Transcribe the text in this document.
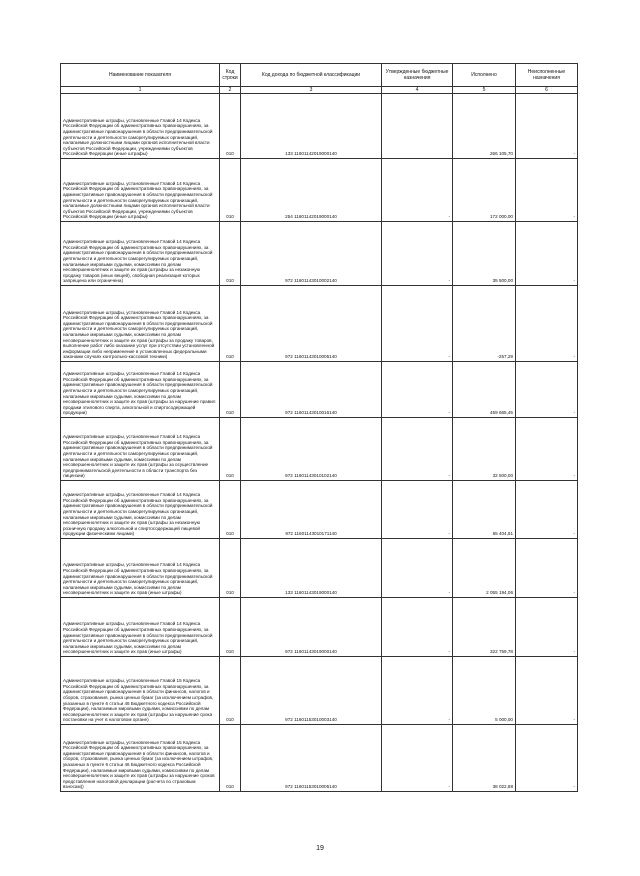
Наименование показателя	Код строки	Код дохода по бюджетной классификации	Утвержденные бюджетные назначения	Исполнено	Неисполненные назначения
1	2	3	4	5	6
Административные штрафы, установленные Главой 14 Кодекса Российской Федерации об административных правонарушениях, за административные правонарушения в области предпринимательской деятельности и деятельности саморегулируемых организаций, налагаемые должностными лицами органов исполнительной власти субъектов Российской Федерации, учреждениями субъектов Российской Федерации (иные штрафы)	010	133 11601142019000140		266 105,70	-
Административные штрафы, установленные Главой 14 Кодекса Российской Федерации об административных правонарушениях, за административные правонарушения в области предпринимательской деятельности и деятельности саморегулируемых организаций, налагаемые должностными лицами органов исполнительной власти субъектов Российской Федерации, учреждениями субъектов Российской Федерации (иные штрафы)	010	254 11601142019000140	-	172 000,00	-
Административные штрафы, установленные Главой 14 Кодекса Российской Федерации об административных правонарушениях, за административные правонарушения в области предпринимательской деятельности и деятельности саморегулируемых организаций, налагаемые мировыми судьями, комиссиями по делам несовершеннолетних и защите их прав (штрафы за незаконную продажу товаров (иных вещей), свободная реализация которых запрещена или ограничена)	010	972 11601143010002140	-	35 500,00	-
Административные штрафы, установленные Главой 14 Кодекса Российской Федерации об административных правонарушениях, за административные правонарушения в области предпринимательской деятельности и деятельности саморегулируемых организаций, налагаемые мировыми судьями, комиссиями по делам несовершеннолетних и защите их прав (штрафы за продажу товаров, выполнение работ либо оказание услуг при отсутствии установленной информации либо неприменение в установленных федеральными законами случаях контрольно-кассовой техники)	010	972 11601143010005140	-	-257,29	-
Административные штрафы, установленные Главой 14 Кодекса Российской Федерации об административных правонарушениях, за административные правонарушения в области предпринимательской деятельности и деятельности саморегулируемых организаций, налагаемые мировыми судьями, комиссиями по делам несовершеннолетних и защите их прав (штрафы за нарушение правил продажи этилового спирта, алкогольной и спиртосодержащей продукции)	010	972 11601143010016140	-	459 665,45	-
Административные штрафы, установленные Главой 14 Кодекса Российской Федерации об административных правонарушениях, за административные правонарушения в области предпринимательской деятельности и деятельности саморегулируемых организаций, налагаемые мировыми судьями, комиссиями по делам несовершеннолетних и защите их прав (штрафы за осуществление предпринимательской деятельности в области транспорта без лицензии)	010	972 11601143010102140	-	32 500,00	-
Административные штрафы, установленные Главой 14 Кодекса Российской Федерации об административных правонарушениях, за административные правонарушения в области предпринимательской деятельности и деятельности саморегулируемых организаций, налагаемые мировыми судьями, комиссиями по делам несовершеннолетних и защите их прав (штрафы за незаконную розничную продажу алкогольной и спиртосодержащей пищевой продукции физическими лицами)	010	972 11601143010171140	-	65 404,61	-
Административные штрафы, установленные Главой 14 Кодекса Российской Федерации об административных правонарушениях, за административные правонарушения в области предпринимательской деятельности и деятельности саморегулируемых организаций, налагаемые мировыми судьями, комиссиями по делам несовершеннолетних и защите их прав (иные штрафы)	010	133 11601143019000140	-	2 055 194,06	-
Административные штрафы, установленные Главой 14 Кодекса Российской Федерации об административных правонарушениях, за административные правонарушения в области предпринимательской деятельности и деятельности саморегулируемых организаций, налагаемые мировыми судьями, комиссиями по делам несовершеннолетних и защите их прав (иные штрафы)	010	972 11601143019000140	-	322 759,78	-
Административные штрафы, установленные Главой 15 Кодекса Российской Федерации об административных правонарушениях, за административные правонарушения в области финансов, налогов и сборов, страхования, рынка ценных бумаг (за исключением штрафов, указанных в пункте 6 статьи 46 Бюджетного кодекса Российской Федерации), налагаемые мировыми судьями, комиссиями по делам несовершеннолетних и защите их прав (штрафы за нарушение срока постановки на учет в налоговом органе)	010	972 11601153010003140	-	5 000,00	-
Административные штрафы, установленные Главой 15 Кодекса Российской Федерации об административных правонарушениях, за административные правонарушения в области финансов, налогов и сборов, страхования, рынка ценных бумаг (за исключением штрафов, указанных в пункте 6 статьи 46 Бюджетного кодекса Российской Федерации), налагаемые мировыми судьями, комиссиями по делам несовершеннолетних и защите их прав (штрафы за нарушение сроков представления налоговой декларации (расчета по страховым взносам))	010	972 11601153010005140	-	38 022,88	-
19
